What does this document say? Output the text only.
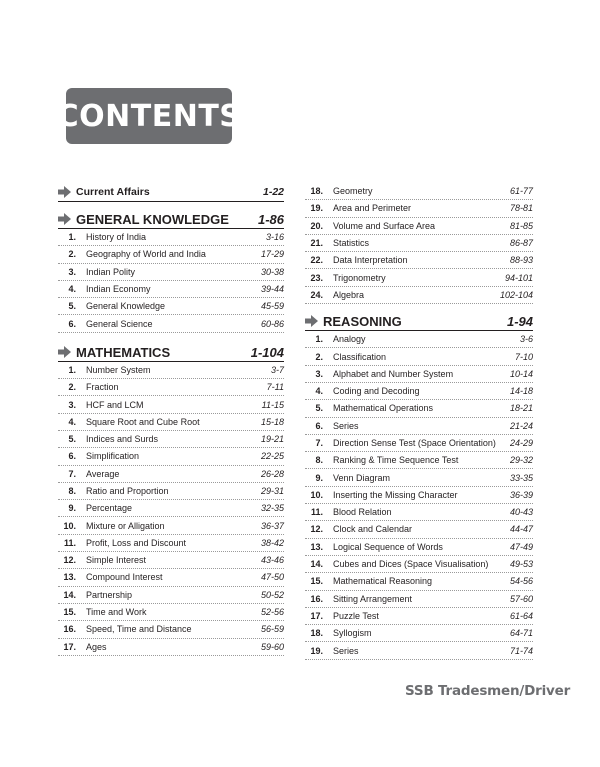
CONTENTS
Current Affairs	1-22
GENERAL KNOWLEDGE	1-86
1. History of India	3-16
2. Geography of World and India	17-29
3. Indian Polity	30-38
4. Indian Economy	39-44
5. General Knowledge	45-59
6. General Science	60-86
MATHEMATICS	1-104
1. Number System	3-7
2. Fraction	7-11
3. HCF and LCM	11-15
4. Square Root and Cube Root	15-18
5. Indices and Surds	19-21
6. Simplification	22-25
7. Average	26-28
8. Ratio and Proportion	29-31
9. Percentage	32-35
10. Mixture or Alligation	36-37
11. Profit, Loss and Discount	38-42
12. Simple Interest	43-46
13. Compound Interest	47-50
14. Partnership	50-52
15. Time and Work	52-56
16. Speed, Time and Distance	56-59
17. Ages	59-60
18. Geometry	61-77
19. Area and Perimeter	78-81
20. Volume and Surface Area	81-85
21. Statistics	86-87
22. Data Interpretation	88-93
23. Trigonometry	94-101
24. Algebra	102-104
REASONING	1-94
1. Analogy	3-6
2. Classification	7-10
3. Alphabet and Number System	10-14
4. Coding and Decoding	14-18
5. Mathematical Operations	18-21
6. Series	21-24
7. Direction Sense Test (Space Orientation)	24-29
8. Ranking & Time Sequence Test	29-32
9. Venn Diagram	33-35
10. Inserting the Missing Character	36-39
11. Blood Relation	40-43
12. Clock and Calendar	44-47
13. Logical Sequence of Words	47-49
14. Cubes and Dices (Space Visualisation)	49-53
15. Mathematical Reasoning	54-56
16. Sitting Arrangement	57-60
17. Puzzle Test	61-64
18. Syllogism	64-71
19. Series	71-74
SSB Tradesmen/Driver
